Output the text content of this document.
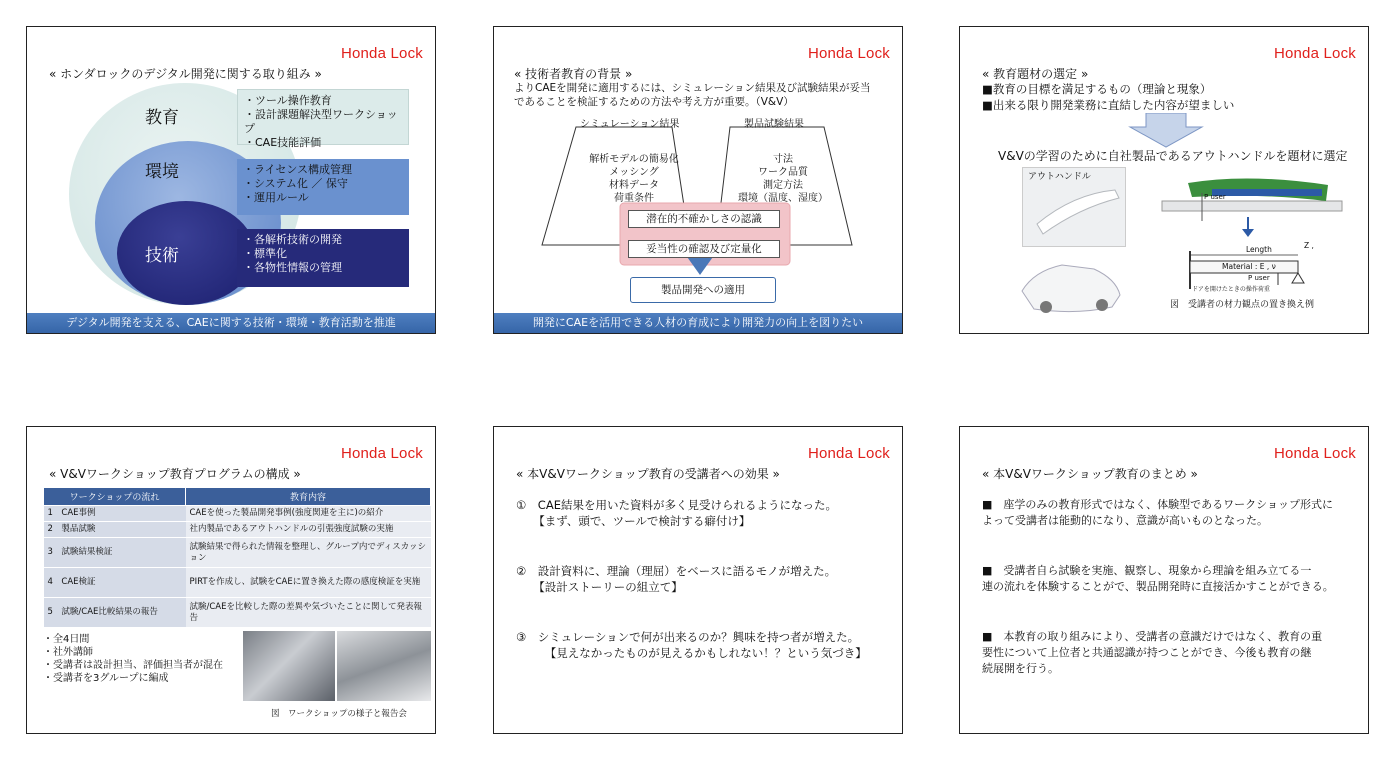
Honda Lock
« ホンダロックのデジタル開発に関する取り組み »
教育
環境
技術
・ツール操作教育
・設計課題解決型ワークショップ
・CAE技能評価
・ライセンス構成管理
・システム化 ／ 保守
・運用ルール
・各解析技術の開発
・標準化
・各物性情報の管理
デジタル開発を支える、CAEに関する技術・環境・教育活動を推進
Honda Lock
« 技術者教育の背景 »
よりCAEを開発に適用するには、シミュレーション結果及び試験結果が妥当
であることを検証するための方法や考え方が重要。（V&V）
シミュレーション結果	製品試験結果
解析モデルの簡易化
メッシング
材料データ
荷重条件
寸法
ワーク品質
測定方法
環境（温度、湿度）
潜在的不確かしさの認識
妥当性の確認及び定量化
製品開発への適用
開発にCAEを活用できる人材の育成により開発力の向上を図りたい
Honda Lock
« 教育題材の選定 »
■教育の目標を満足するもの（理論と現象）
■出来る限り開発業務に直結した内容が望ましい
V&Vの学習のために自社製品であるアウトハンドルを題材に選定
アウトハンドル
P user
Length	Z ,
Material : E , ν
P user
ドアを開けたときの操作荷重
図　受講者の材力観点の置き換え例
Honda Lock
« V&Vワークショップ教育プログラムの構成 »
ワークショップの流れ	教育内容
1　CAE事例	CAEを使った製品開発事例(強度関連を主に)の紹介
2　製品試験	社内製品であるアウトハンドルの引張強度試験の実施
3　試験結果検証	試験結果で得られた情報を整理し、グループ内でディスカッション
4　CAE検証	PIRTを作成し、試験をCAEに置き換えた際の感度検証を実施
5　試験/CAE比較結果の報告	試験/CAEを比較した際の差異や気づいたことに関して発表報告
・全4日間
・社外講師
・受講者は設計担当、評価担当者が混在
・受講者を3グループに編成
図　ワークショップの様子と報告会
Honda Lock
« 本V&Vワークショップ教育の受講者への効果 »
①　CAE結果を用いた資料が多く見受けられるようになった。
　　【まず、頭で、ツールで検討する癖付け】
②　設計資料に、理論（理屈）をベースに語るモノが増えた。
　　【設計ストーリーの組立て】
③　シミュレーションで何が出来るのか？興味を持つ者が増えた。
　　　【見えなかったものが見えるかもしれない！？という気づき】
Honda Lock
« 本V&Vワークショップ教育のまとめ »
■　座学のみの教育形式ではなく、体験型であるワークショップ形式に
よって受講者は能動的になり、意識が高いものとなった。
■　受講者自ら試験を実施、観察し、現象から理論を組み立てる一
連の流れを体験することがで、製品開発時に直接活かすことができる。
■　本教育の取り組みにより、受講者の意識だけではなく、教育の重
要性について上位者と共通認識が持つことができ、今後も教育の継
続展開を行う。
